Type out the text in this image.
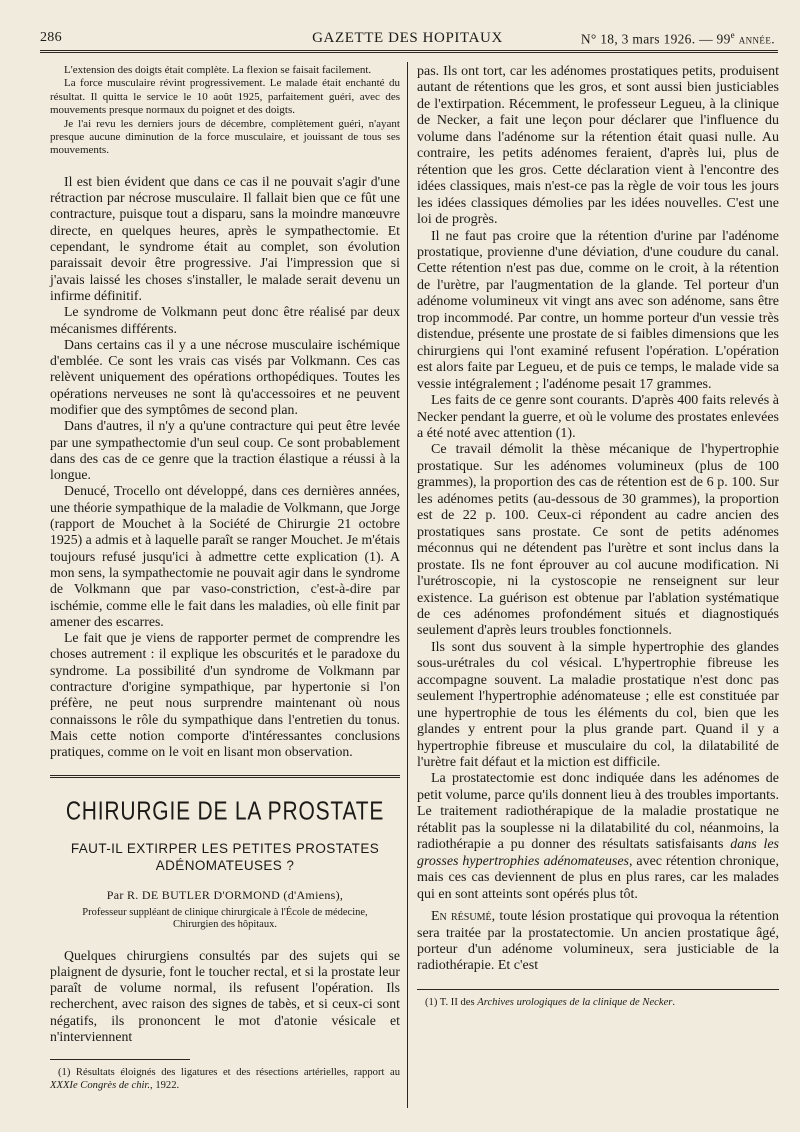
286	GAZETTE DES HOPITAUX	N° 18, 3 mars 1926. — 99e année.

L'extension des doigts était complète. La flexion se faisait facilement.

La force musculaire révint progressivement. Le malade était enchanté du résultat. Il quitta le service le 10 août 1925, parfaitement guéri, avec des mouvements presque normaux du poignet et des doigts.

Je l'ai revu les derniers jours de décembre, complètement guéri, n'ayant presque aucune diminution de la force musculaire, et jouissant de tous ses mouvements.

Il est bien évident que dans ce cas il ne pouvait s'agir d'une rétraction par nécrose musculaire. Il fallait bien que ce fût une contracture, puisque tout a disparu, sans la moindre manœuvre directe, en quelques heures, après le sympathectomie. Et cependant, le syndrome était au complet, son évolution paraissait devoir être progressive. J'ai l'impression que si j'avais laissé les choses s'installer, le malade serait devenu un infirme définitif.

Le syndrome de Volkmann peut donc être réalisé par deux mécanismes différents.

Dans certains cas il y a une nécrose musculaire ischémique d'emblée. Ce sont les vrais cas visés par Volkmann. Ces cas relèvent uniquement des opérations orthopédiques. Toutes les opérations nerveuses ne sont là qu'accessoires et ne peuvent modifier que des symptômes de second plan.

Dans d'autres, il n'y a qu'une contracture qui peut être levée par une sympathectomie d'un seul coup. Ce sont probablement dans des cas de ce genre que la traction élastique a réussi à la longue.

Denucé, Trocello ont développé, dans ces dernières années, une théorie sympathique de la maladie de Volkmann, que Jorge (rapport de Mouchet à la Société de Chirurgie 21 octobre 1925) a admis et à laquelle paraît se ranger Mouchet. Je m'étais toujours refusé jusqu'ici à admettre cette explication (1). A mon sens, la sympathectomie ne pouvait agir dans le syndrome de Volkmann que par vaso-constriction, c'est-à-dire par ischémie, comme elle le fait dans les maladies, où elle finit par amener des escarres.

Le fait que je viens de rapporter permet de comprendre les choses autrement : il explique les obscurités et le paradoxe du syndrome. La possibilité d'un syndrome de Volkmann par contracture d'origine sympathique, par hypertonie si l'on préfère, ne peut nous surprendre maintenant où nous connaissons le rôle du sympathique dans l'entretien du tonus. Mais cette notion comporte d'intéressantes conclusions pratiques, comme on le voit en lisant mon observation.

CHIRURGIE DE LA PROSTATE
FAUT-IL EXTIRPER LES PETITES PROSTATES
ADÉNOMATEUSES ?
Par R. DE BUTLER D'ORMOND (d'Amiens),
Professeur suppléant de clinique chirurgicale à l'École de médecine,
Chirurgien des hôpitaux.

Quelques chirurgiens consultés par des sujets qui se plaignent de dysurie, font le toucher rectal, et si la prostate leur paraît de volume normal, ils refusent l'opération. Ils recherchent, avec raison des signes de tabès, et si ceux-ci sont négatifs, ils prononcent le mot d'atonie vésicale et n'interviennent

(1) Résultats éloignés des ligatures et des résections artérielles, rapport au XXXIe Congrès de chir., 1922.

pas. Ils ont tort, car les adénomes prostatiques petits, produisent autant de rétentions que les gros, et sont aussi bien justiciables de l'extirpation. Récemment, le professeur Legueu, à la clinique de Necker, a fait une leçon pour déclarer que l'influence du volume dans l'adénome sur la rétention était quasi nulle. Au contraire, les petits adénomes feraient, d'après lui, plus de rétention que les gros. Cette déclaration vient à l'encontre des idées classiques, mais n'est-ce pas la règle de voir tous les jours les idées classiques démolies par les idées nouvelles. C'est une loi de progrès.

Il ne faut pas croire que la rétention d'urine par l'adénome prostatique, provienne d'une déviation, d'une coudure du canal. Cette rétention n'est pas due, comme on le croit, à la rétention de l'urètre, par l'augmentation de la glande. Tel porteur d'un adénome volumineux vit vingt ans avec son adénome, sans être trop incommodé. Par contre, un homme porteur d'un vessie très distendue, présente une prostate de si faibles dimensions que les chirurgiens qui l'ont examiné refusent l'opération. L'opération est alors faite par Legueu, et de puis ce temps, le malade vide sa vessie intégralement ; l'adénome pesait 17 grammes.

Les faits de ce genre sont courants. D'après 400 faits relevés à Necker pendant la guerre, et où le volume des prostates enlevées a été noté avec attention (1).

Ce travail démolit la thèse mécanique de l'hypertrophie prostatique. Sur les adénomes volumineux (plus de 100 grammes), la proportion des cas de rétention est de 6 p. 100. Sur les adénomes petits (au-dessous de 30 grammes), la proportion est de 22 p. 100. Ceux-ci répondent au cadre ancien des prostatiques sans prostate. Ce sont de petits adénomes méconnus qui ne détendent pas l'urètre et sont inclus dans la prostate. Ils ne font éprouver au col aucune modification. Ni l'urétroscopie, ni la cystoscopie ne renseignent sur leur existence. La guérison est obtenue par l'ablation systématique de ces adénomes profondément situés et diagnostiqués seulement d'après leurs troubles fonctionnels.

Ils sont dus souvent à la simple hypertrophie des glandes sous-urétrales du col vésical. L'hypertrophie fibreuse les accompagne souvent. La maladie prostatique n'est donc pas seulement l'hypertrophie adénomateuse ; elle est constituée par une hypertrophie de tous les éléments du col, bien que les glandes y entrent pour la plus grande part. Quand il y a hypertrophie fibreuse et musculaire du col, la dilatabilité de l'urètre fait défaut et la miction est difficile.

La prostatectomie est donc indiquée dans les adénomes de petit volume, parce qu'ils donnent lieu à des troubles importants. Le traitement radiothérapique de la maladie prostatique ne rétablit pas la souplesse ni la dilatabilité du col, néanmoins, la radiothérapie a pu donner des résultats satisfaisants dans les grosses hypertrophies adénomateuses, avec rétention chronique, mais ces cas deviennent de plus en plus rares, car les malades qui en sont atteints sont opérés plus tôt.

En résumé, toute lésion prostatique qui provoqua la rétention sera traitée par la prostatectomie. Un ancien prostatique âgé, porteur d'un adénome volumineux, sera justiciable de la radiothérapie. Et c'est

(1) T. II des Archives urologiques de la clinique de Necker.
